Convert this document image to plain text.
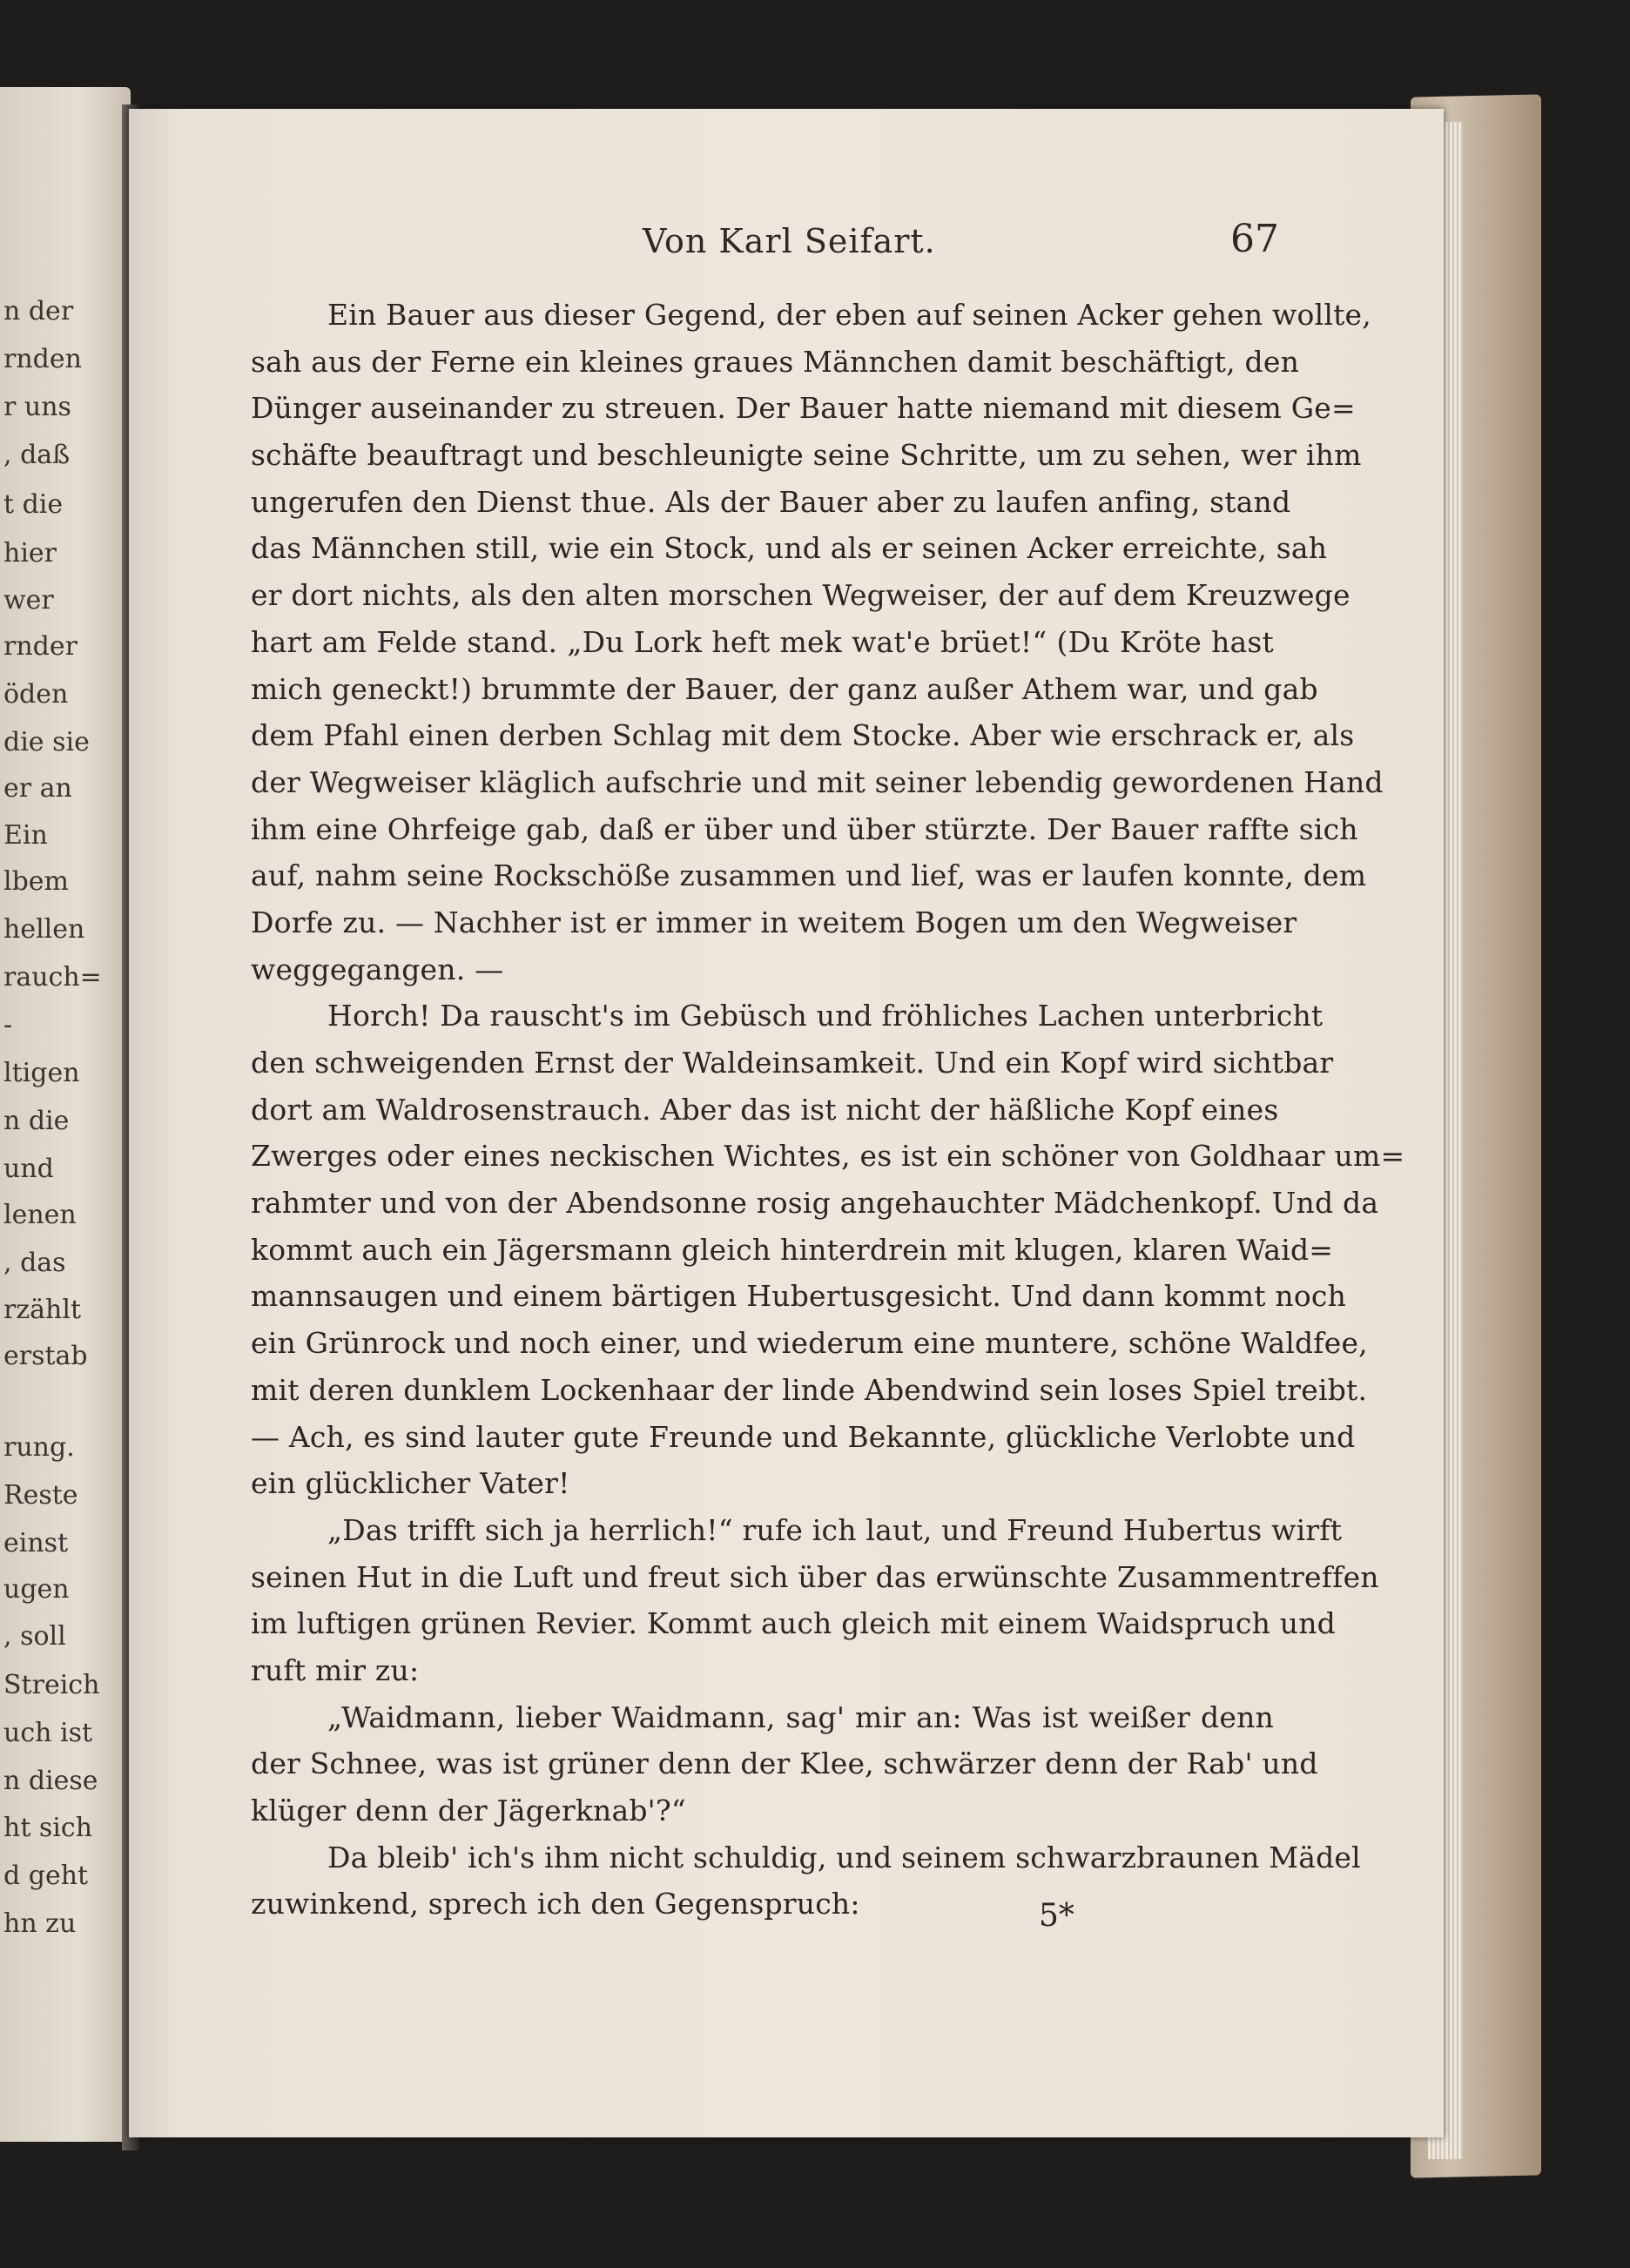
n der
rnden
r uns
, daß
t die
hier
wer
rnder
öden
die sie
er an
Ein
lbem
hellen
rauch=
-
ltigen
n die
und
lenen
, das
rzählt
erstab
rung.
Reste
einst
ugen
, soll
Streich
uch ist
n diese
ht sich
d geht
hn zu
Von Karl Seifart.	67
Ein Bauer aus dieser Gegend, der eben auf seinen Acker gehen wollte,
sah aus der Ferne ein kleines graues Männchen damit beschäftigt, den
Dünger auseinander zu streuen. Der Bauer hatte niemand mit diesem Ge=
schäfte beauftragt und beschleunigte seine Schritte, um zu sehen, wer ihm
ungerufen den Dienst thue. Als der Bauer aber zu laufen anfing, stand
das Männchen still, wie ein Stock, und als er seinen Acker erreichte, sah
er dort nichts, als den alten morschen Wegweiser, der auf dem Kreuzwege
hart am Felde stand. „Du Lork heft mek wat'e brüet!“ (Du Kröte hast
mich geneckt!) brummte der Bauer, der ganz außer Athem war, und gab
dem Pfahl einen derben Schlag mit dem Stocke. Aber wie erschrack er, als
der Wegweiser kläglich aufschrie und mit seiner lebendig gewordenen Hand
ihm eine Ohrfeige gab, daß er über und über stürzte. Der Bauer raffte sich
auf, nahm seine Rockschöße zusammen und lief, was er laufen konnte, dem
Dorfe zu. — Nachher ist er immer in weitem Bogen um den Wegweiser
weggegangen. —
Horch! Da rauscht's im Gebüsch und fröhliches Lachen unterbricht
den schweigenden Ernst der Waldeinsamkeit. Und ein Kopf wird sichtbar
dort am Waldrosenstrauch. Aber das ist nicht der häßliche Kopf eines
Zwerges oder eines neckischen Wichtes, es ist ein schöner von Goldhaar um=
rahmter und von der Abendsonne rosig angehauchter Mädchenkopf. Und da
kommt auch ein Jägersmann gleich hinterdrein mit klugen, klaren Waid=
mannsaugen und einem bärtigen Hubertusgesicht. Und dann kommt noch
ein Grünrock und noch einer, und wiederum eine muntere, schöne Waldfee,
mit deren dunklem Lockenhaar der linde Abendwind sein loses Spiel treibt.
— Ach, es sind lauter gute Freunde und Bekannte, glückliche Verlobte und
ein glücklicher Vater!
„Das trifft sich ja herrlich!“ rufe ich laut, und Freund Hubertus wirft
seinen Hut in die Luft und freut sich über das erwünschte Zusammentreffen
im luftigen grünen Revier. Kommt auch gleich mit einem Waidspruch und
ruft mir zu:
„Waidmann, lieber Waidmann, sag' mir an: Was ist weißer denn
der Schnee, was ist grüner denn der Klee, schwärzer denn der Rab' und
klüger denn der Jägerknab'?“
Da bleib' ich's ihm nicht schuldig, und seinem schwarzbraunen Mädel
zuwinkend, sprech ich den Gegenspruch:	5*
